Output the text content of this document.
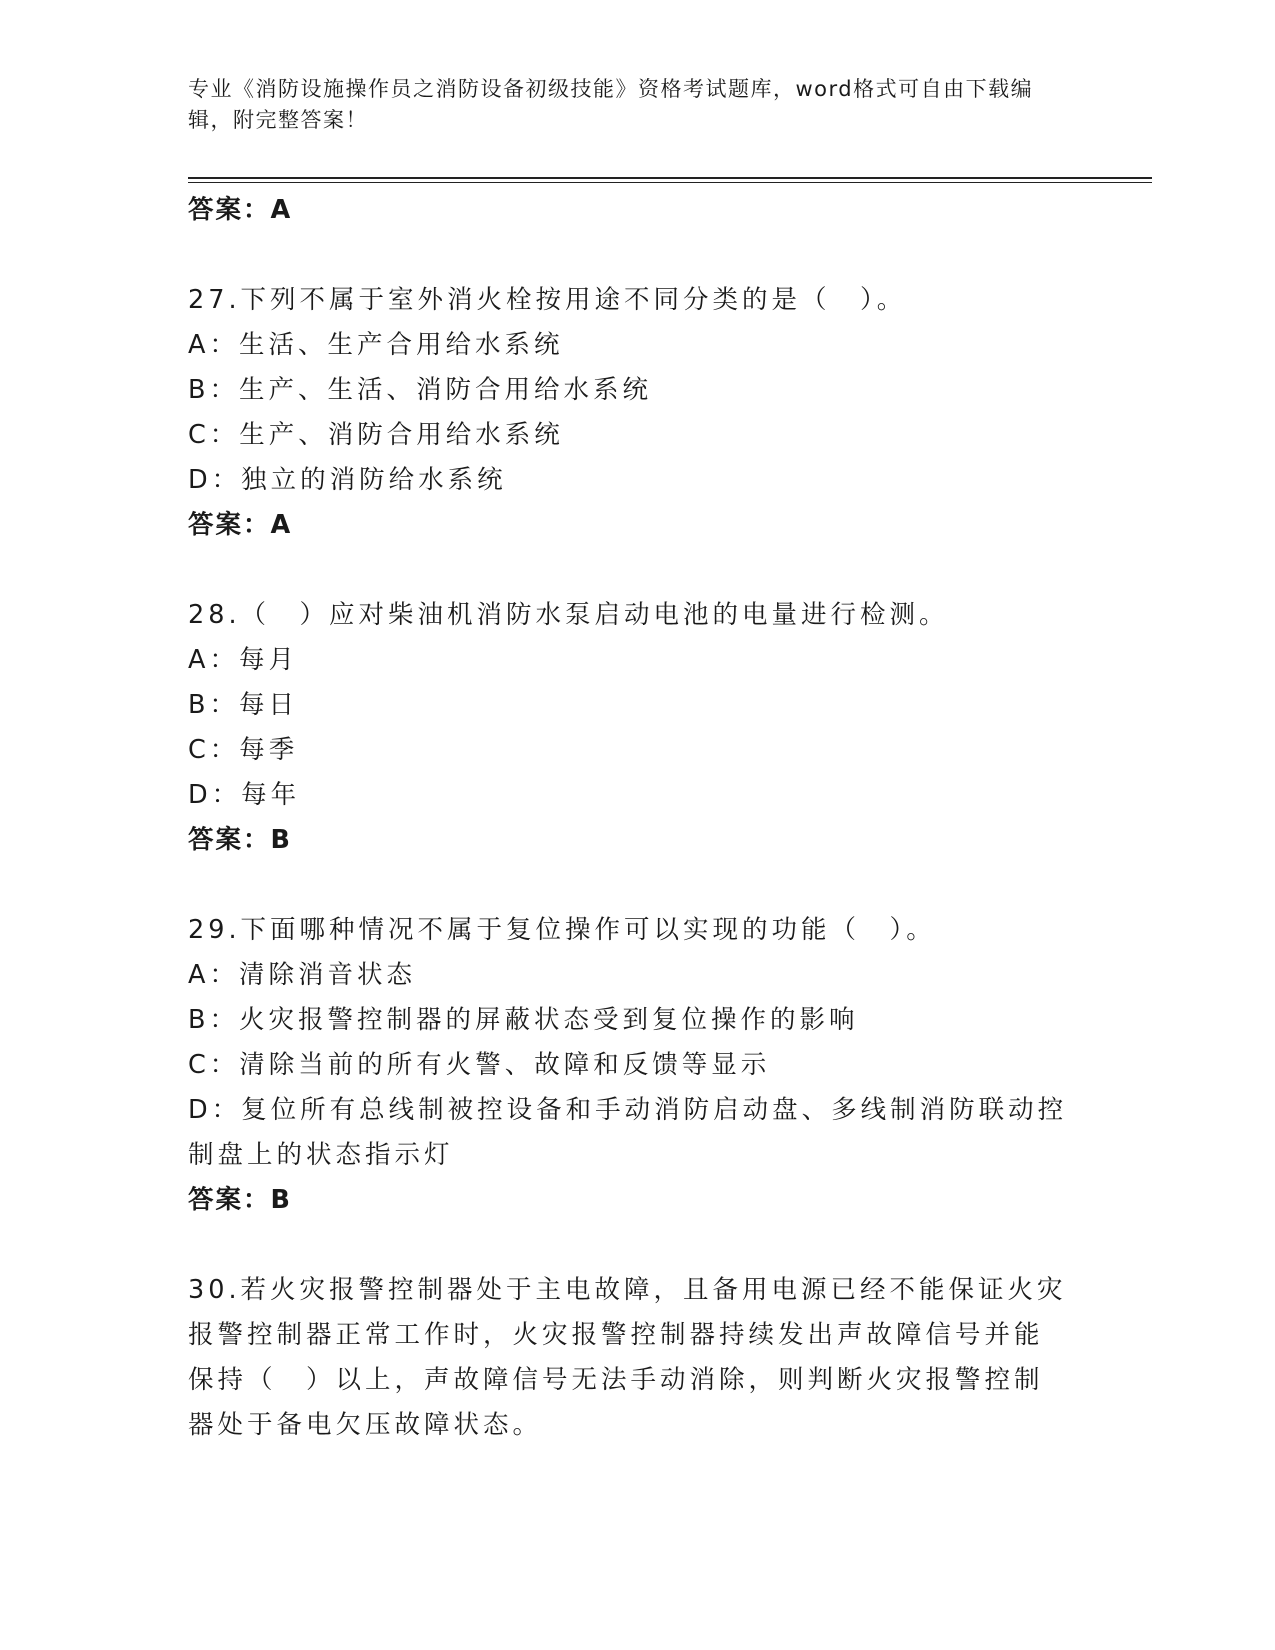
专业《消防设施操作员之消防设备初级技能》资格考试题库，word格式可自由下载编辑，附完整答案！
答案：A
27.下列不属于室外消火栓按用途不同分类的是（　）。
A：生活、生产合用给水系统
B：生产、生活、消防合用给水系统
C：生产、消防合用给水系统
D：独立的消防给水系统
答案：A
28.（　）应对柴油机消防水泵启动电池的电量进行检测。
A：每月
B：每日
C：每季
D：每年
答案：B
29.下面哪种情况不属于复位操作可以实现的功能（　）。
A：清除消音状态
B：火灾报警控制器的屏蔽状态受到复位操作的影响
C：清除当前的所有火警、故障和反馈等显示
D：复位所有总线制被控设备和手动消防启动盘、多线制消防联动控制盘上的状态指示灯
答案：B
30.若火灾报警控制器处于主电故障，且备用电源已经不能保证火灾报警控制器正常工作时，火灾报警控制器持续发出声故障信号并能保持（　）以上，声故障信号无法手动消除，则判断火灾报警控制器处于备电欠压故障状态。
